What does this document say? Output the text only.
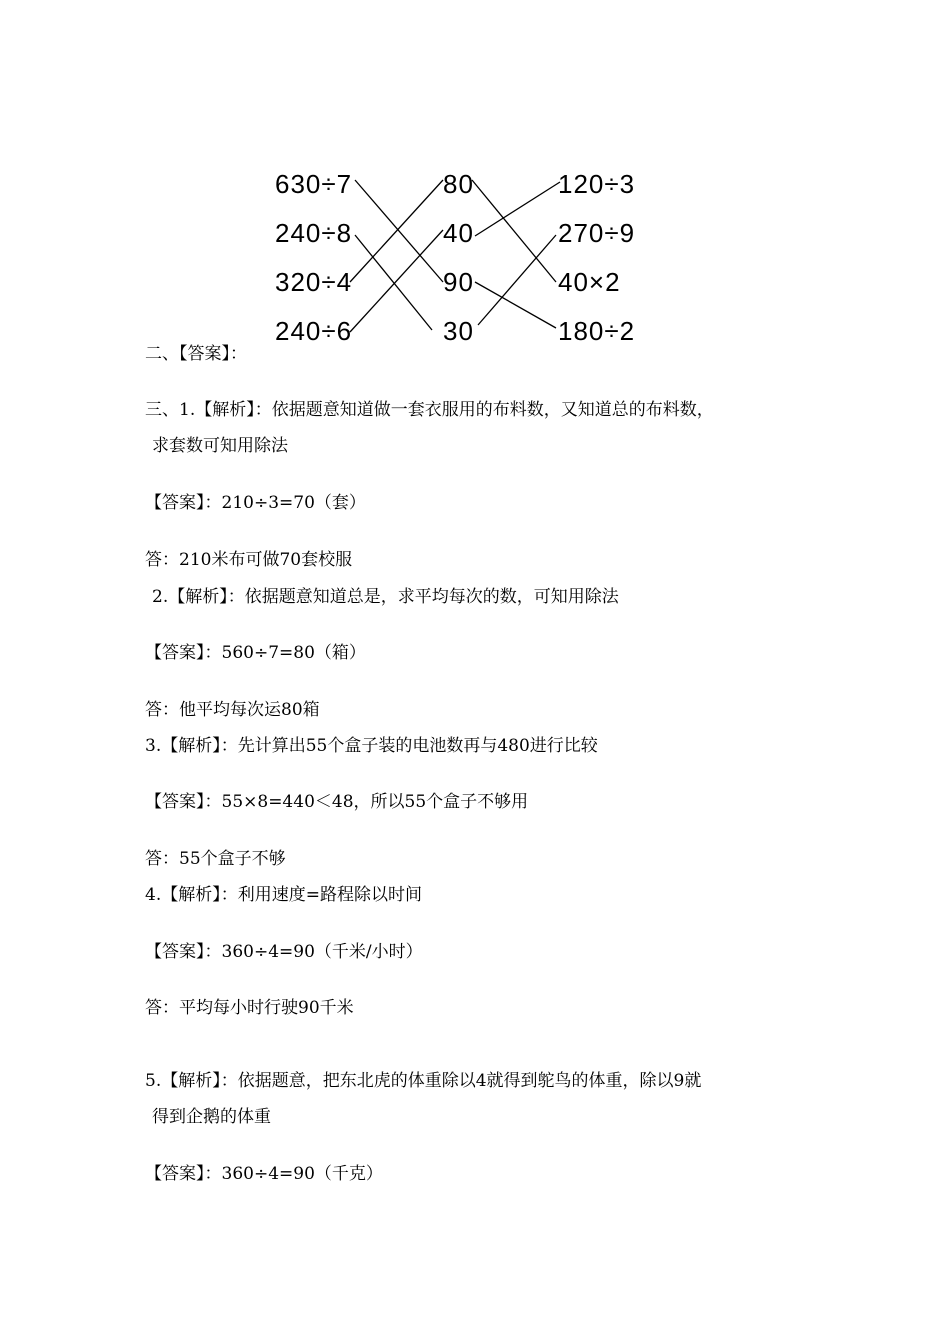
630÷7
240÷8
320÷4
240÷6
80
40
90
30
120÷3
270÷9
40×2
180÷2
二、【答案】：
三、1.【解析】：依据题意知道做一套衣服用的布料数，又知道总的布料数，
求套数可知用除法
【答案】：210÷3=70（套）
答：210米布可做70套校服
2.【解析】：依据题意知道总是，求平均每次的数，可知用除法
【答案】：560÷7=80（箱）
答：他平均每次运80箱
3.【解析】：先计算出55个盒子装的电池数再与480进行比较
【答案】：55×8=440＜48，所以55个盒子不够用
答：55个盒子不够
4.【解析】：利用速度=路程除以时间
【答案】：360÷4=90（千米/小时）
答：平均每小时行驶90千米
5.【解析】：依据题意，把东北虎的体重除以4就得到鸵鸟的体重，除以9就
得到企鹅的体重
【答案】：360÷4=90（千克）
